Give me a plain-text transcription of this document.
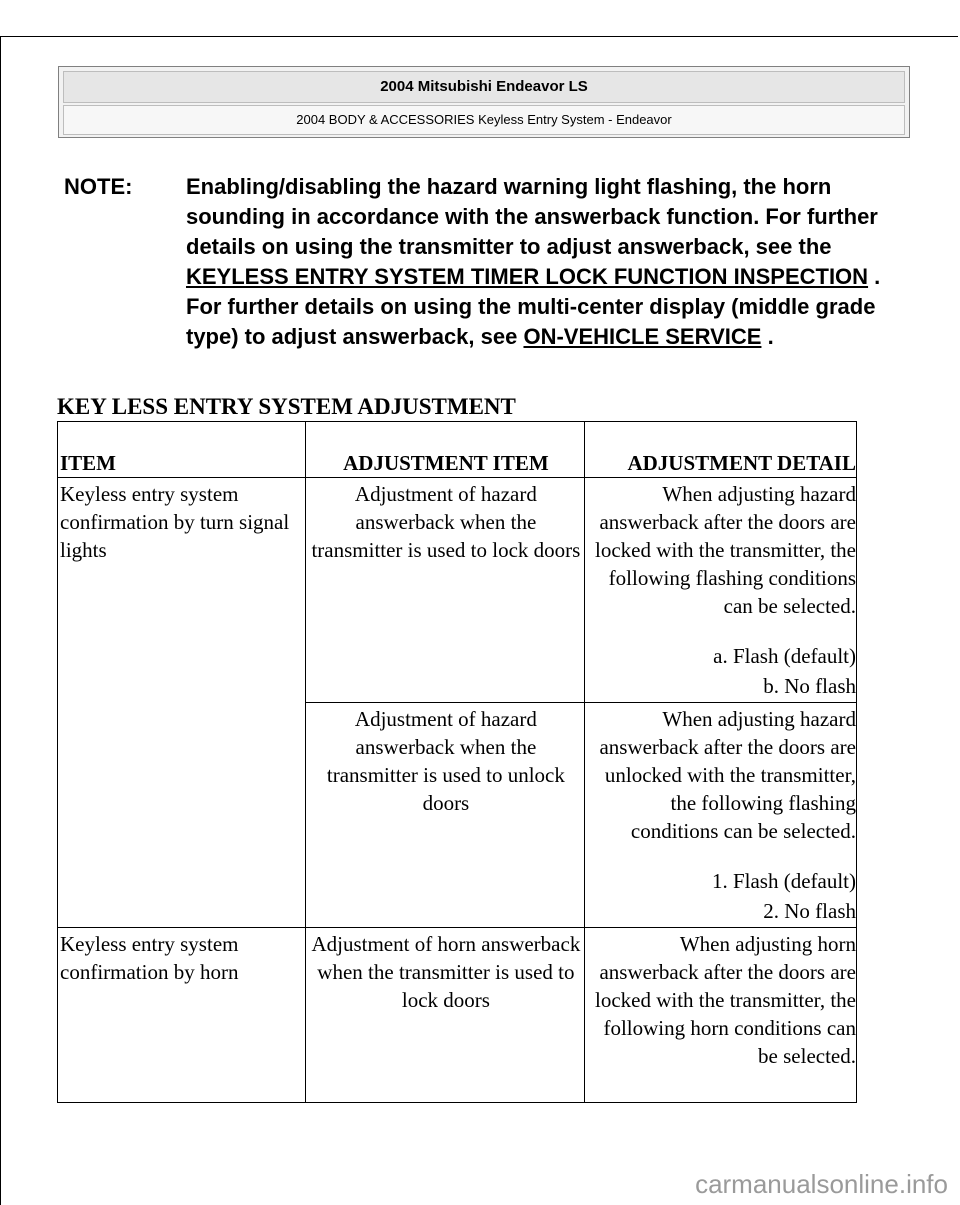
2004 Mitsubishi Endeavor LS
2004 BODY & ACCESSORIES Keyless Entry System - Endeavor
NOTE: Enabling/disabling the hazard warning light flashing, the horn sounding in accordance with the answerback function. For further details on using the transmitter to adjust answerback, see the KEYLESS ENTRY SYSTEM TIMER LOCK FUNCTION INSPECTION . For further details on using the multi-center display (middle grade type) to adjust answerback, see ON-VEHICLE SERVICE .
KEY LESS ENTRY SYSTEM ADJUSTMENT
ITEM	ADJUSTMENT ITEM	ADJUSTMENT DETAIL
Keyless entry system confirmation by turn signal lights	Adjustment of hazard answerback when the transmitter is used to lock doors	When adjusting hazard answerback after the doors are locked with the transmitter, the following flashing conditions can be selected.
a. Flash (default)
b. No flash

	Adjustment of hazard answerback when the transmitter is used to unlock doors	When adjusting hazard answerback after the doors are unlocked with the transmitter, the following flashing conditions can be selected.
1. Flash (default)
2. No flash

Keyless entry system confirmation by horn	Adjustment of horn answerback when the transmitter is used to lock doors	When adjusting horn answerback after the doors are locked with the transmitter, the following horn conditions can be selected.
carmanualsonline.info
